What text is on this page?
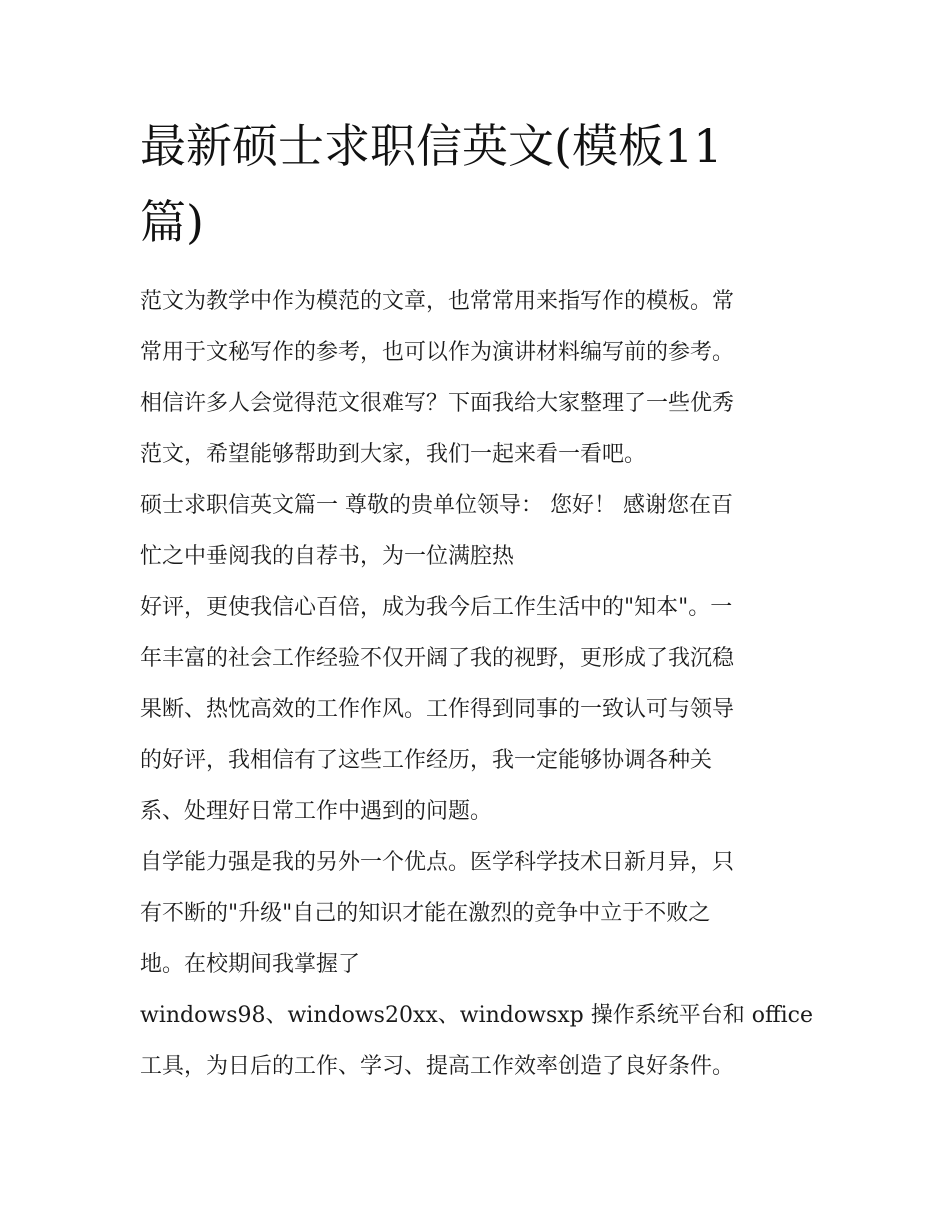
最新硕士求职信英文(模板11
篇)
范文为教学中作为模范的文章，也常常用来指写作的模板。常
常用于文秘写作的参考，也可以作为演讲材料编写前的参考。
相信许多人会觉得范文很难写？下面我给大家整理了一些优秀
范文，希望能够帮助到大家，我们一起来看一看吧。
硕士求职信英文篇一 尊敬的贵单位领导： 您好！ 感谢您在百
忙之中垂阅我的自荐书，为一位满腔热
好评，更使我信心百倍，成为我今后工作生活中的"知本"。一
年丰富的社会工作经验不仅开阔了我的视野，更形成了我沉稳
果断、热忱高效的工作作风。工作得到同事的一致认可与领导
的好评，我相信有了这些工作经历，我一定能够协调各种关
系、处理好日常工作中遇到的问题。
自学能力强是我的另外一个优点。医学科学技术日新月异，只
有不断的"升级"自己的知识才能在激烈的竞争中立于不败之
地。在校期间我掌握了
windows98、windows20xx、windowsxp 操作系统平台和 office
工具，为日后的工作、学习、提高工作效率创造了良好条件。
